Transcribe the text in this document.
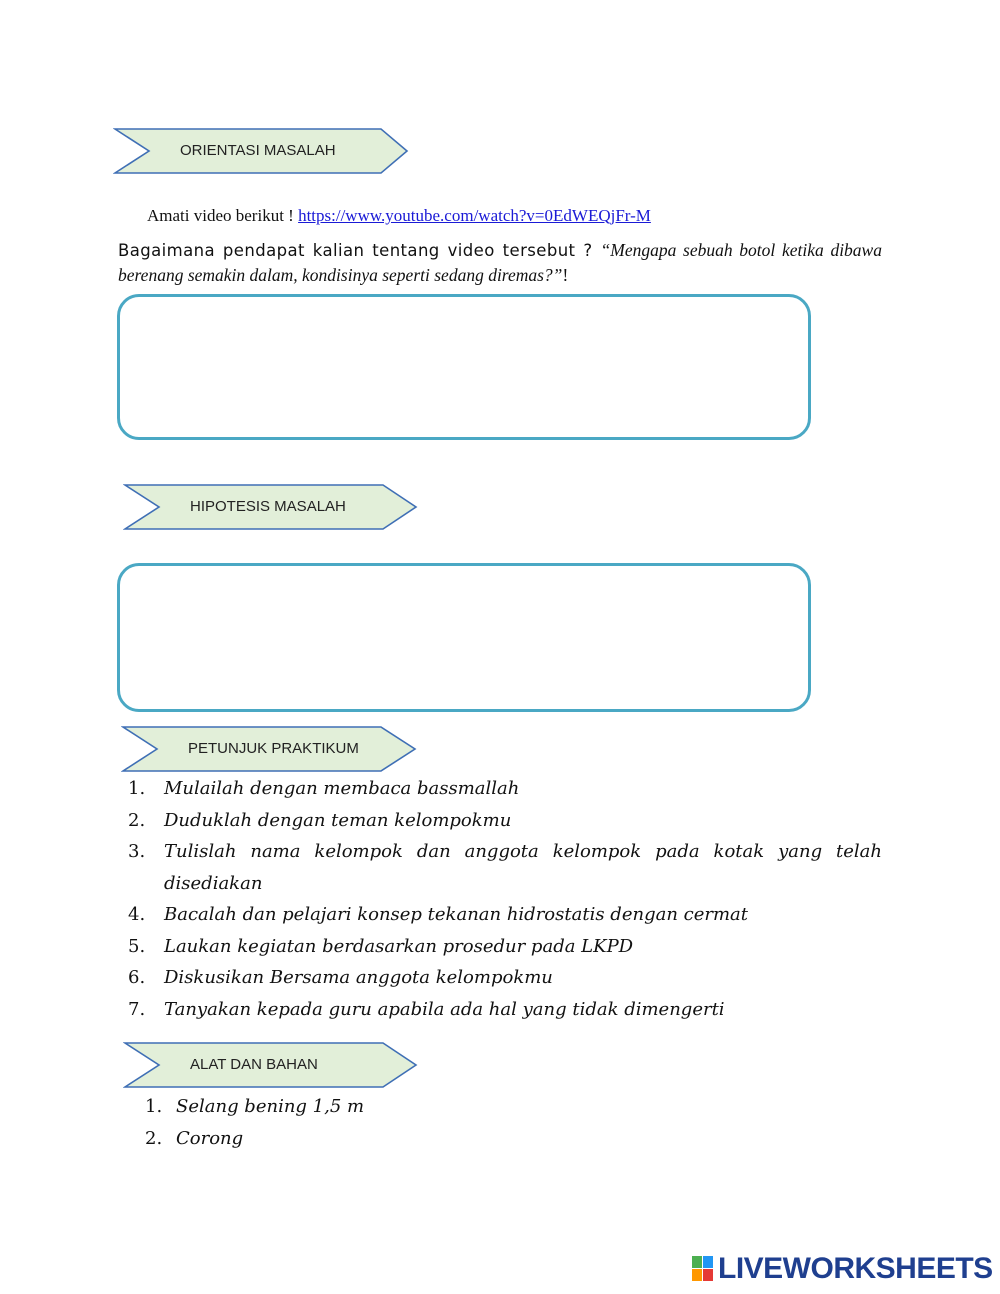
ORIENTASI MASALAH
Amati video berikut ! https://www.youtube.com/watch?v=0EdWEQjFr-M
Bagaimana pendapat kalian tentang video tersebut ? “Mengapa sebuah botol ketika dibawa berenang semakin dalam, kondisinya seperti sedang diremas?”!
HIPOTESIS MASALAH
PETUNJUK PRAKTIKUM
1. Mulailah dengan membaca bassmallah
2. Duduklah dengan teman kelompokmu
3. Tulislah nama kelompok dan anggota kelompok pada kotak yang telah disediakan
4. Bacalah dan pelajari konsep tekanan hidrostatis dengan cermat
5. Laukan kegiatan berdasarkan prosedur pada LKPD
6. Diskusikan Bersama anggota kelompokmu
7. Tanyakan kepada guru apabila ada hal yang tidak dimengerti
ALAT DAN BAHAN
1. Selang bening 1,5 m
2. Corong
LIVEWORKSHEETS
